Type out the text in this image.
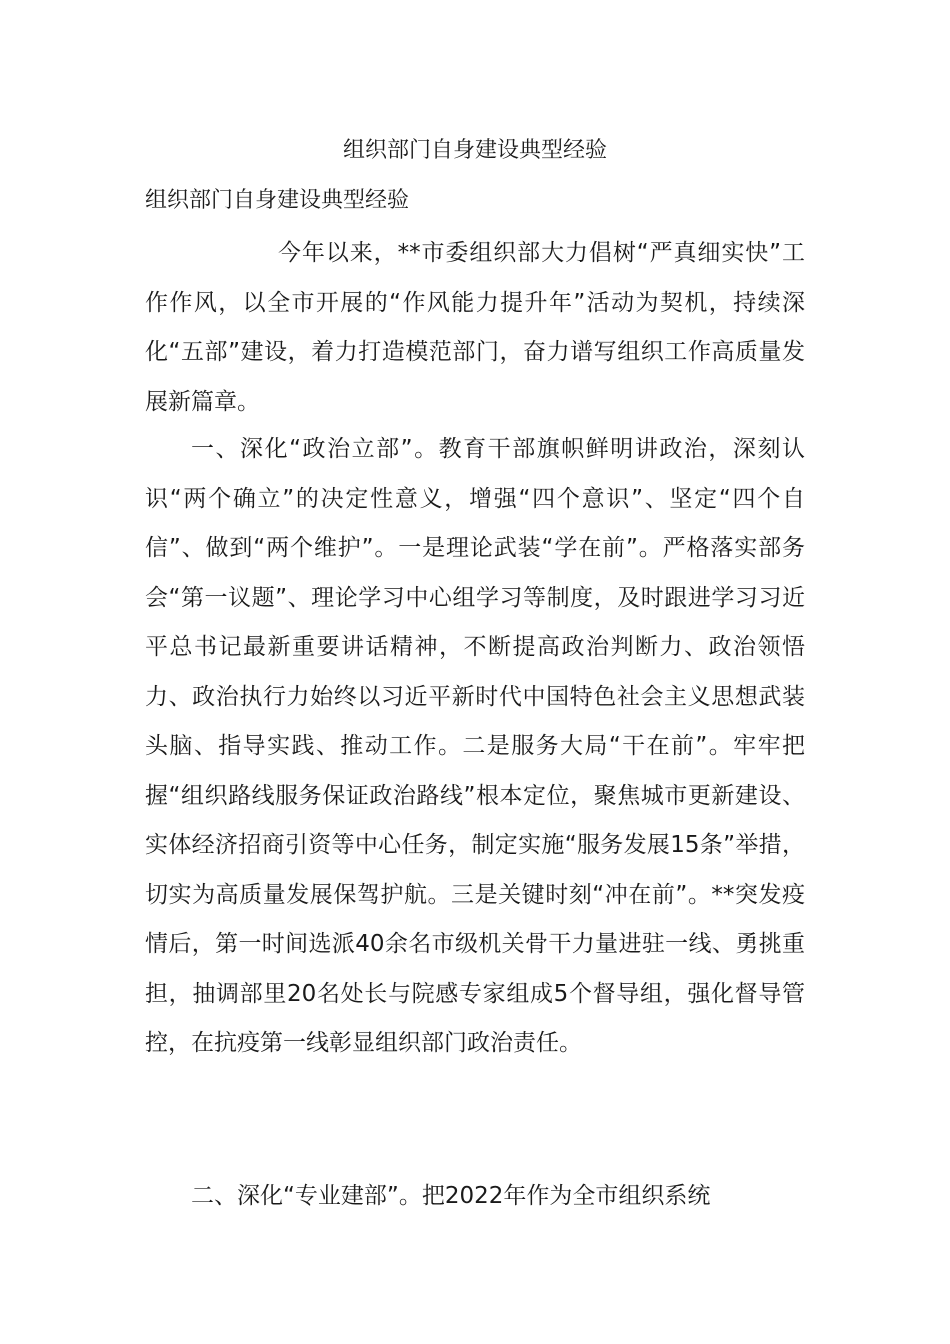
组织部门自身建设典型经验
组织部门自身建设典型经验

今年以来，**市委组织部大力倡树“严真细实快”工作作风，以全市开展的“作风能力提升年”活动为契机，持续深化“五部”建设，着力打造模范部门，奋力谱写组织工作高质量发展新篇章。

一、深化“政治立部”。教育干部旗帜鲜明讲政治，深刻认识“两个确立”的决定性意义，增强“四个意识”、坚定“四个自信”、做到“两个维护”。一是理论武装“学在前”。严格落实部务会“第一议题”、理论学习中心组学习等制度，及时跟进学习习近平总书记最新重要讲话精神，不断提高政治判断力、政治领悟力、政治执行力始终以习近平新时代中国特色社会主义思想武装头脑、指导实践、推动工作。二是服务大局“干在前”。牢牢把握“组织路线服务保证政治路线”根本定位，聚焦城市更新建设、实体经济招商引资等中心任务，制定实施“服务发展15条”举措，切实为高质量发展保驾护航。三是关键时刻“冲在前”。**突发疫情后，第一时间选派40余名市级机关骨干力量进驻一线、勇挑重担，抽调部里20名处长与院感专家组成5个督导组，强化督导管控，在抗疫第一线彰显组织部门政治责任。

二、深化“专业建部”。把2022年作为全市组织系统
